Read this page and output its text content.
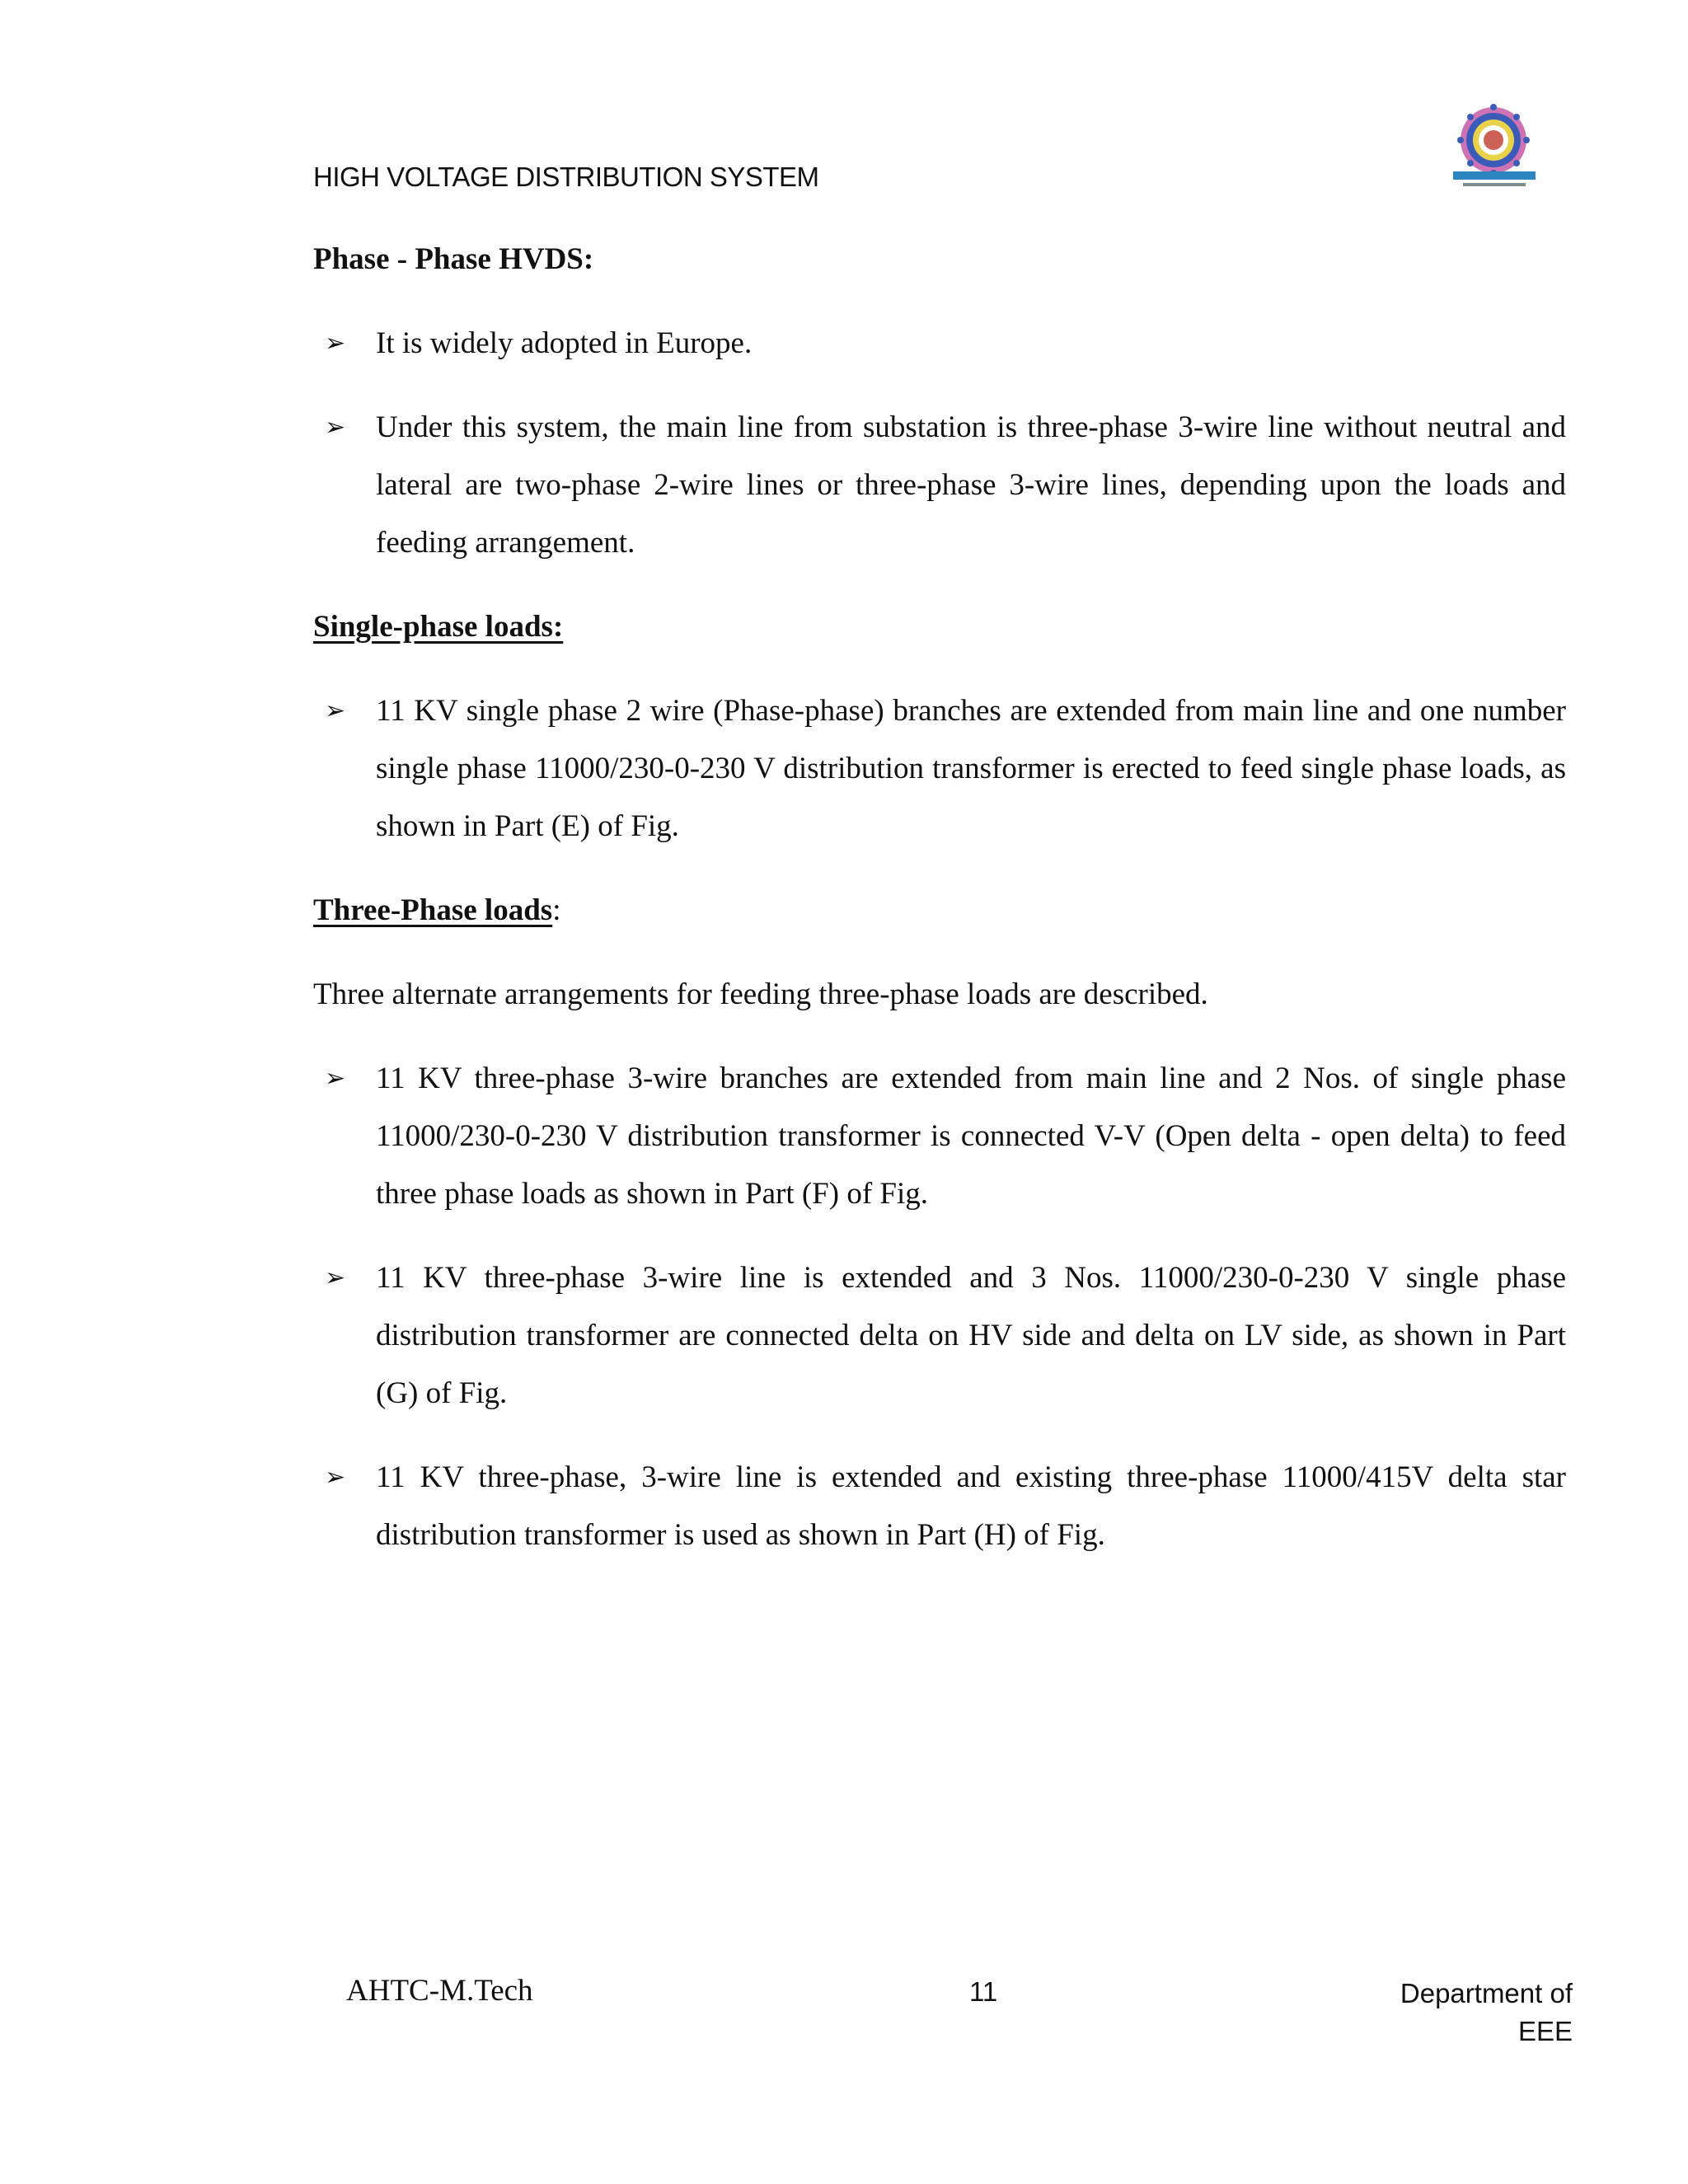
HIGH VOLTAGE DISTRIBUTION SYSTEM
Phase - Phase HVDS:
➢ It is widely adopted in Europe.
➢ Under this system, the main line from substation is three-phase 3-wire line without neutral and lateral are two-phase 2-wire lines or three-phase 3-wire lines, depending upon the loads and feeding arrangement.
Single-phase loads:
➢ 11 KV single phase 2 wire (Phase-phase) branches are extended from main line and one number single phase 11000/230-0-230 V distribution transformer is erected to feed single phase loads, as shown in Part (E) of Fig.
Three-Phase loads:

Three alternate arrangements for feeding three-phase loads are described.

➢ 11 KV three-phase 3-wire branches are extended from main line and 2 Nos. of single phase 11000/230-0-230 V distribution transformer is connected V-V (Open delta - open delta) to feed three phase loads as shown in Part (F) of Fig.
➢ 11 KV three-phase 3-wire line is extended and 3 Nos. 11000/230-0-230 V single phase distribution transformer are connected delta on HV side and delta on LV side, as shown in Part (G) of Fig.
➢ 11 KV three-phase, 3-wire line is extended and existing three-phase 11000/415V delta star distribution transformer is used as shown in Part (H) of Fig.
AHTC-M.Tech	11	Department of
EEE
